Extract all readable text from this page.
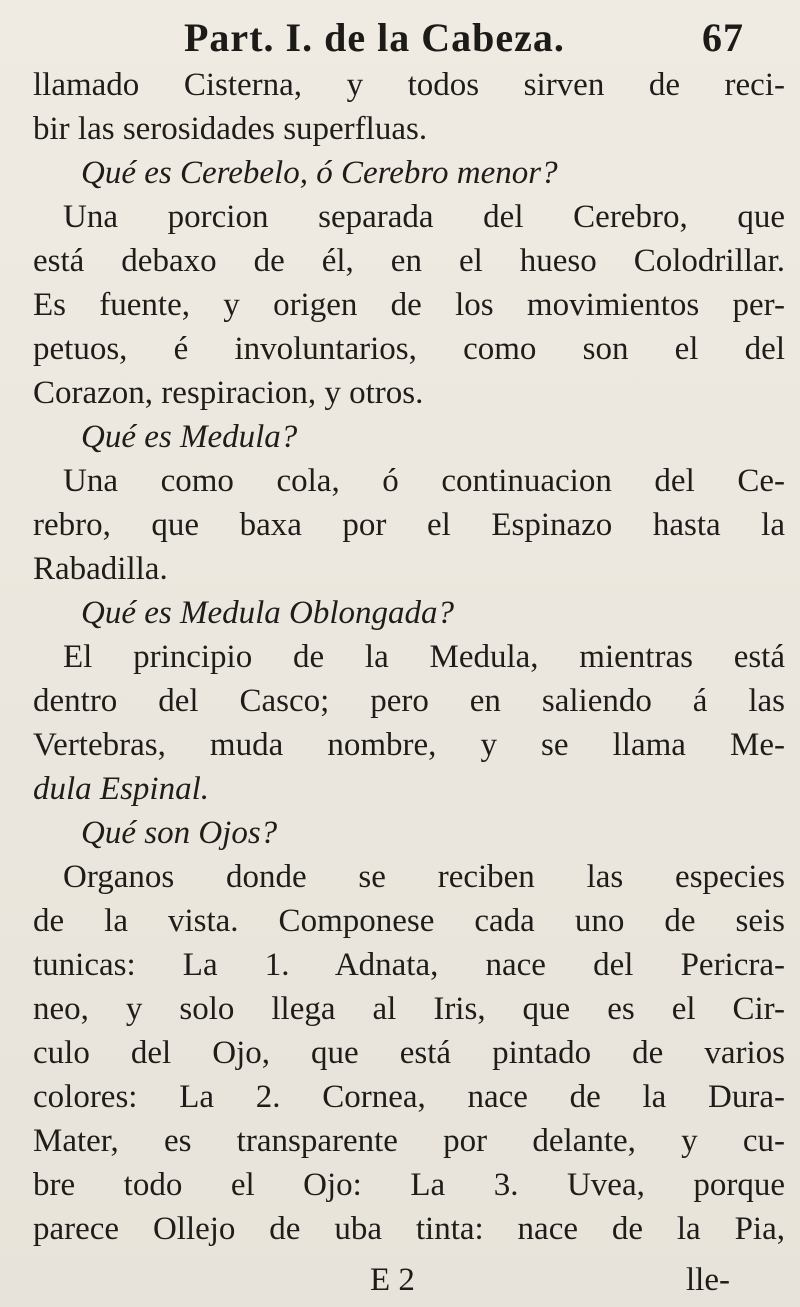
Part. I. de la Cabeza.	67
llamado Cisterna, y todos sirven de reci-
bir las serosidades superfluas.
Qué es Cerebelo, ó Cerebro menor?
Una porcion separada del Cerebro, que
está debaxo de él, en el hueso Colodrillar.
Es fuente, y origen de los movimientos per-
petuos, é involuntarios, como son el del
Corazon, respiracion, y otros.
Qué es Medula?
Una como cola, ó continuacion del Ce-
rebro, que baxa por el Espinazo hasta la
Rabadilla.
Qué es Medula Oblongada?
El principio de la Medula, mientras está
dentro del Casco; pero en saliendo á las
Vertebras, muda nombre, y se llama Me-
dula Espinal.
Qué son Ojos?
Organos donde se reciben las especies
de la vista. Componese cada uno de seis
tunicas: La 1. Adnata, nace del Pericra-
neo, y solo llega al Iris, que es el Cir-
culo del Ojo, que está pintado de varios
colores: La 2. Cornea, nace de la Dura-
Mater, es transparente por delante, y cu-
bre todo el Ojo: La 3. Uvea, porque
parece Ollejo de uba tinta: nace de la Pia,
E 2	lle-
